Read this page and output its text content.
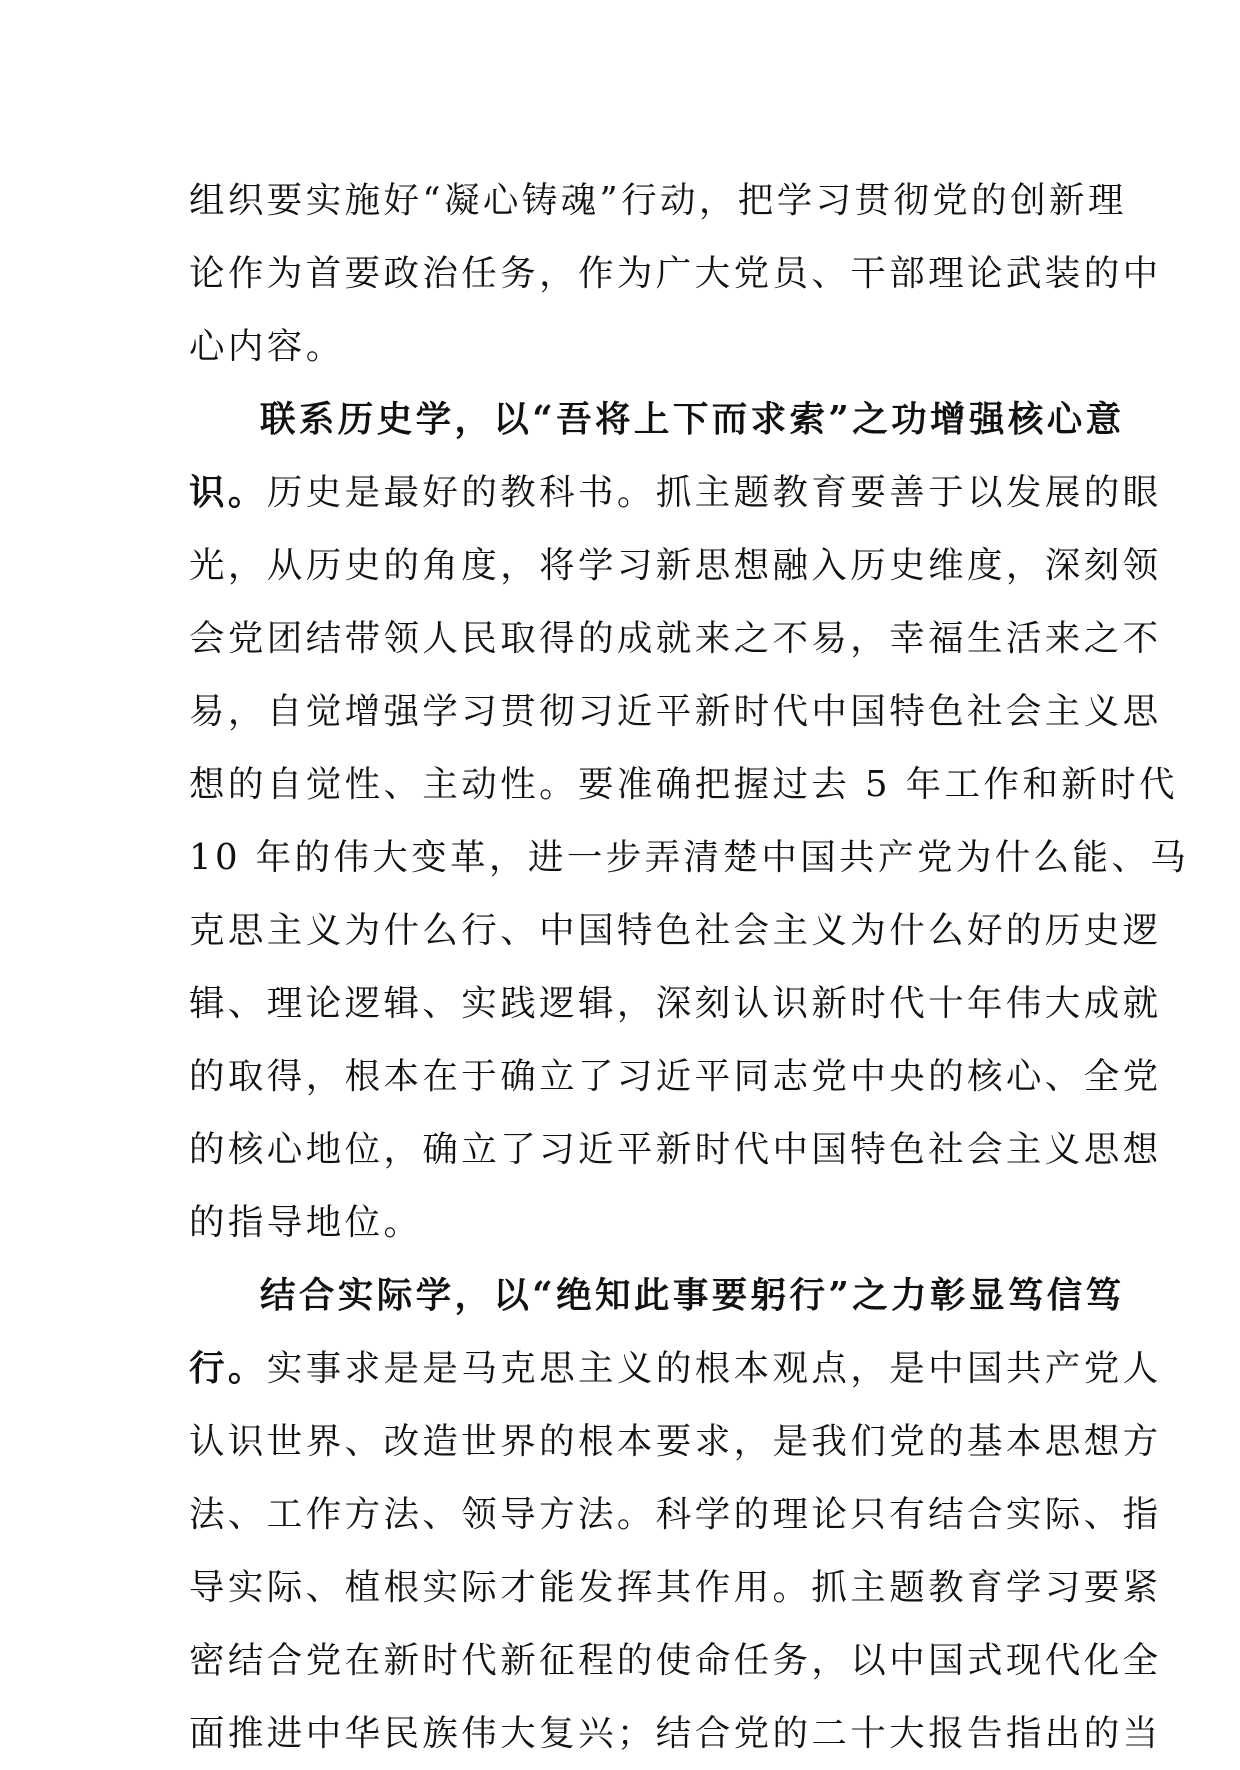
组织要实施好“凝心铸魂”行动，把学习贯彻党的创新理
论作为首要政治任务，作为广大党员、干部理论武装的中
心内容。
联系历史学，以“吾将上下而求索”之功增强核心意
识。历史是最好的教科书。抓主题教育要善于以发展的眼
光，从历史的角度，将学习新思想融入历史维度，深刻领
会党团结带领人民取得的成就来之不易，幸福生活来之不
易，自觉增强学习贯彻习近平新时代中国特色社会主义思
想的自觉性、主动性。要准确把握过去 5 年工作和新时代
10 年的伟大变革，进一步弄清楚中国共产党为什么能、马
克思主义为什么行、中国特色社会主义为什么好的历史逻
辑、理论逻辑、实践逻辑，深刻认识新时代十年伟大成就
的取得，根本在于确立了习近平同志党中央的核心、全党
的核心地位，确立了习近平新时代中国特色社会主义思想
的指导地位。
结合实际学，以“绝知此事要躬行”之力彰显笃信笃
行。实事求是是马克思主义的根本观点，是中国共产党人
认识世界、改造世界的根本要求，是我们党的基本思想方
法、工作方法、领导方法。科学的理论只有结合实际、指
导实际、植根实际才能发挥其作用。抓主题教育学习要紧
密结合党在新时代新征程的使命任务，以中国式现代化全
面推进中华民族伟大复兴；结合党的二十大报告指出的当
